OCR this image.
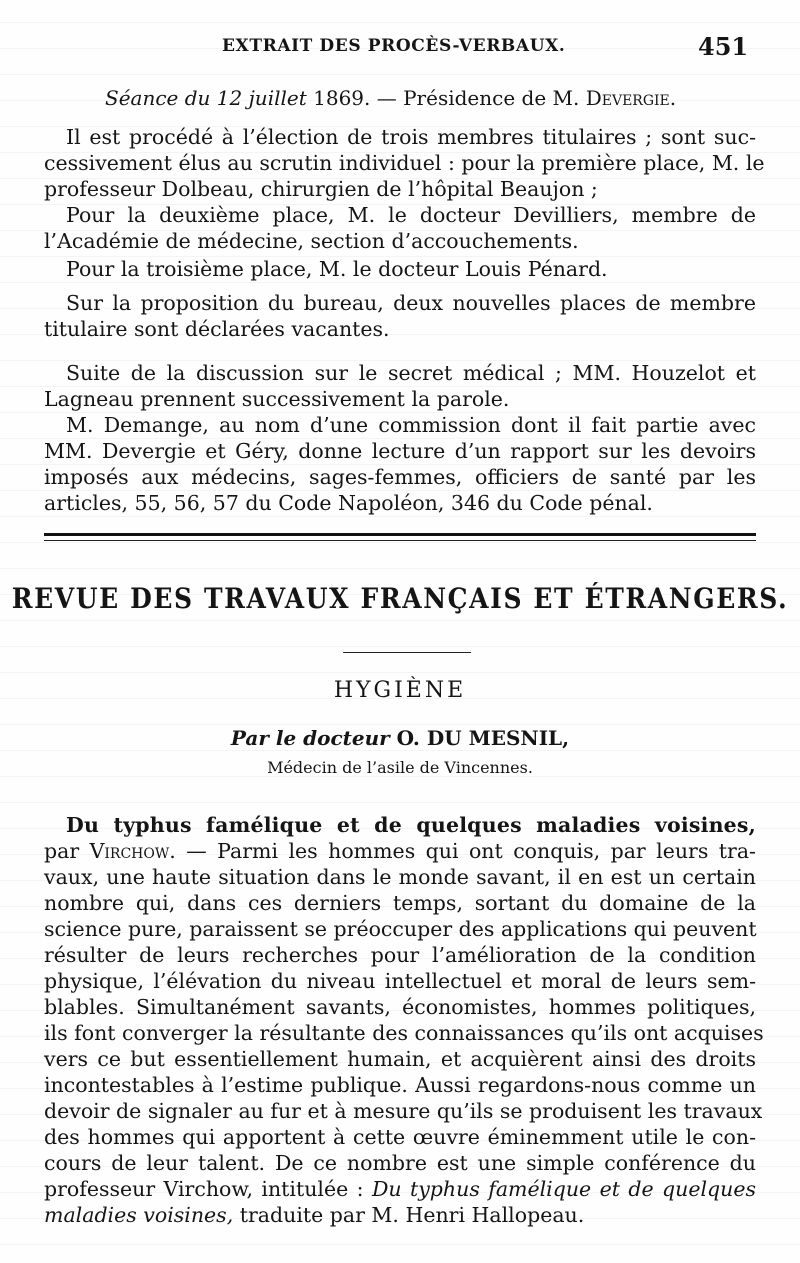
EXTRAIT DES PROCÈS-VERBAUX.	451
Séance du 12 juillet 1869. — Présidence de M. Devergie.
Il est procédé à l’élection de trois membres titulaires ; sont suc-
cessivement élus au scrutin individuel : pour la première place, M. le
professeur Dolbeau, chirurgien de l’hôpital Beaujon ;
Pour la deuxième place, M. le docteur Devilliers, membre de
l’Académie de médecine, section d’accouchements.
Pour la troisième place, M. le docteur Louis Pénard.
Sur la proposition du bureau, deux nouvelles places de membre
titulaire sont déclarées vacantes.
Suite de la discussion sur le secret médical ; MM. Houzelot et
Lagneau prennent successivement la parole.
M. Demange, au nom d’une commission dont il fait partie avec
MM. Devergie et Géry, donne lecture d’un rapport sur les devoirs
imposés aux médecins, sages-femmes, officiers de santé par les
articles, 55, 56, 57 du Code Napoléon, 346 du Code pénal.
REVUE DES TRAVAUX FRANÇAIS ET ÉTRANGERS.
HYGIÈNE
Par le docteur O. DU MESNIL,
Médecin de l’asile de Vincennes.
Du typhus famélique et de quelques maladies voisines,
par Virchow. — Parmi les hommes qui ont conquis, par leurs tra-
vaux, une haute situation dans le monde savant, il en est un certain
nombre qui, dans ces derniers temps, sortant du domaine de la
science pure, paraissent se préoccuper des applications qui peuvent
résulter de leurs recherches pour l’amélioration de la condition
physique, l’élévation du niveau intellectuel et moral de leurs sem-
blables. Simultanément savants, économistes, hommes politiques,
ils font converger la résultante des connaissances qu’ils ont acquises
vers ce but essentiellement humain, et acquièrent ainsi des droits
incontestables à l’estime publique. Aussi regardons-nous comme un
devoir de signaler au fur et à mesure qu’ils se produisent les travaux
des hommes qui apportent à cette œuvre éminemment utile le con-
cours de leur talent. De ce nombre est une simple conférence du
professeur Virchow, intitulée : Du typhus famélique et de quelques
maladies voisines, traduite par M. Henri Hallopeau.
